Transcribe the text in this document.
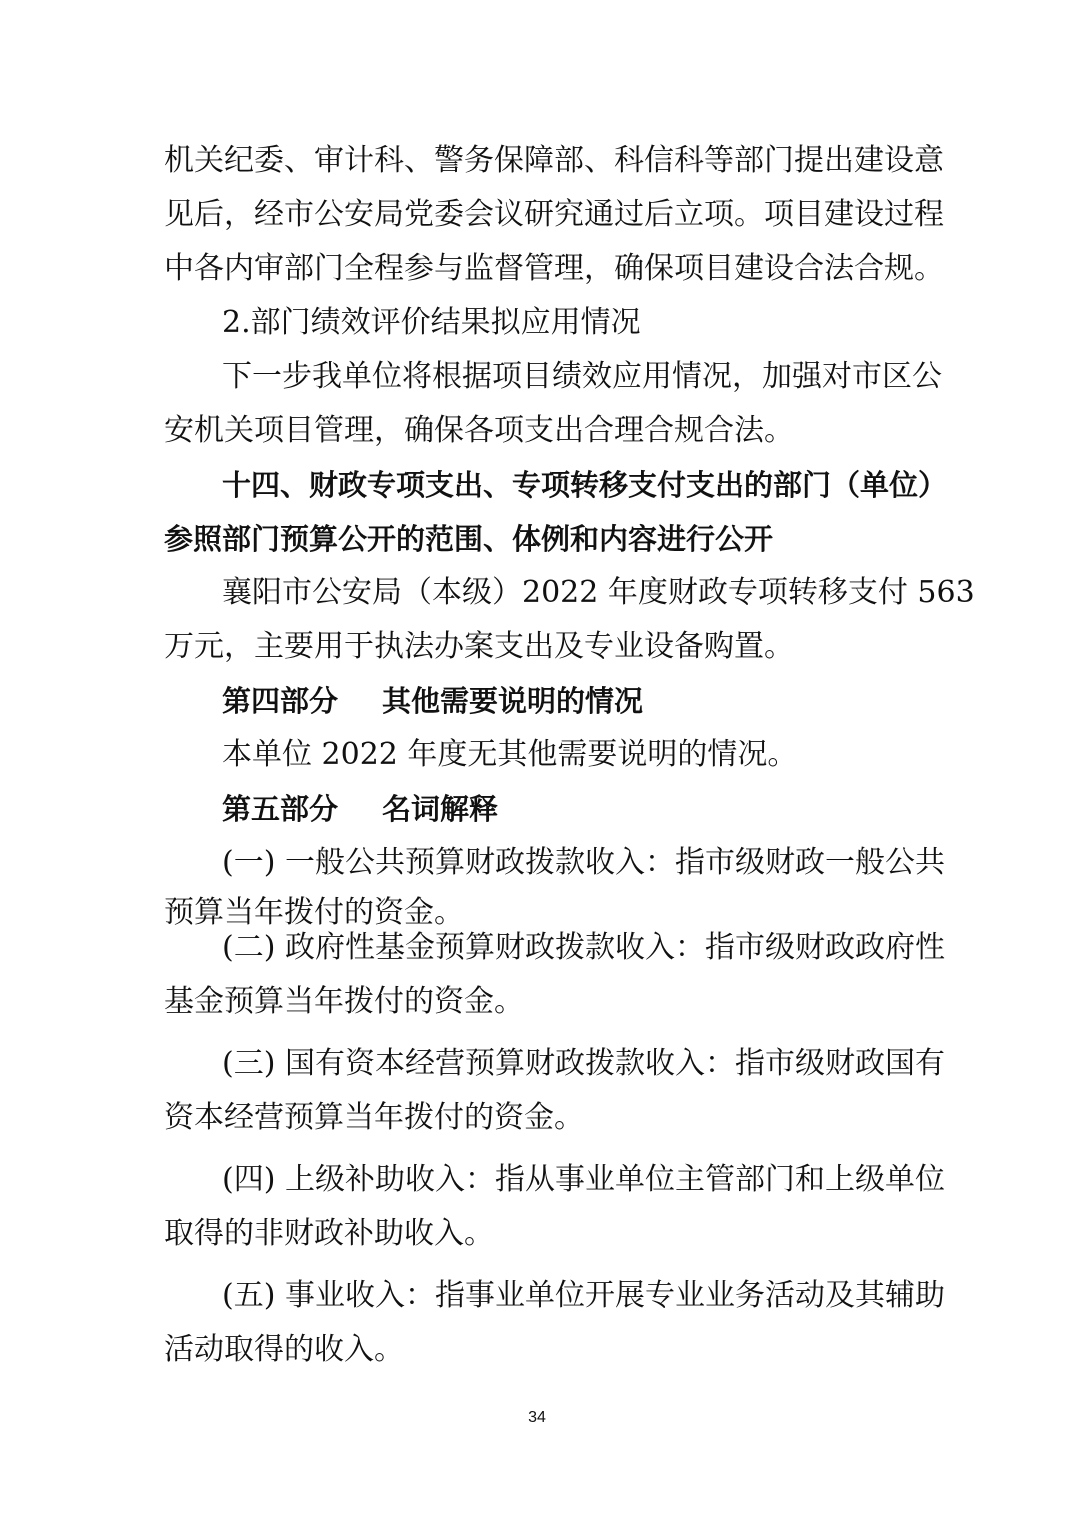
机关纪委、审计科、警务保障部、科信科等部门提出建设意
见后，经市公安局党委会议研究通过后立项。项目建设过程
中各内审部门全程参与监督管理，确保项目建设合法合规。
2.部门绩效评价结果拟应用情况
下一步我单位将根据项目绩效应用情况，加强对市区公
安机关项目管理，确保各项支出合理合规合法。
十四、财政专项支出、专项转移支付支出的部门（单位）
参照部门预算公开的范围、体例和内容进行公开
襄阳市公安局（本级）2022 年度财政专项转移支付 563
万元，主要用于执法办案支出及专业设备购置。
第四部分 其他需要说明的情况
本单位 2022 年度无其他需要说明的情况。
第五部分 名词解释
(一) 一般公共预算财政拨款收入：指市级财政一般公共
预算当年拨付的资金。
(二) 政府性基金预算财政拨款收入：指市级财政政府性
基金预算当年拨付的资金。
(三) 国有资本经营预算财政拨款收入：指市级财政国有
资本经营预算当年拨付的资金。
(四) 上级补助收入：指从事业单位主管部门和上级单位
取得的非财政补助收入。
(五) 事业收入：指事业单位开展专业业务活动及其辅助
活动取得的收入。
34
